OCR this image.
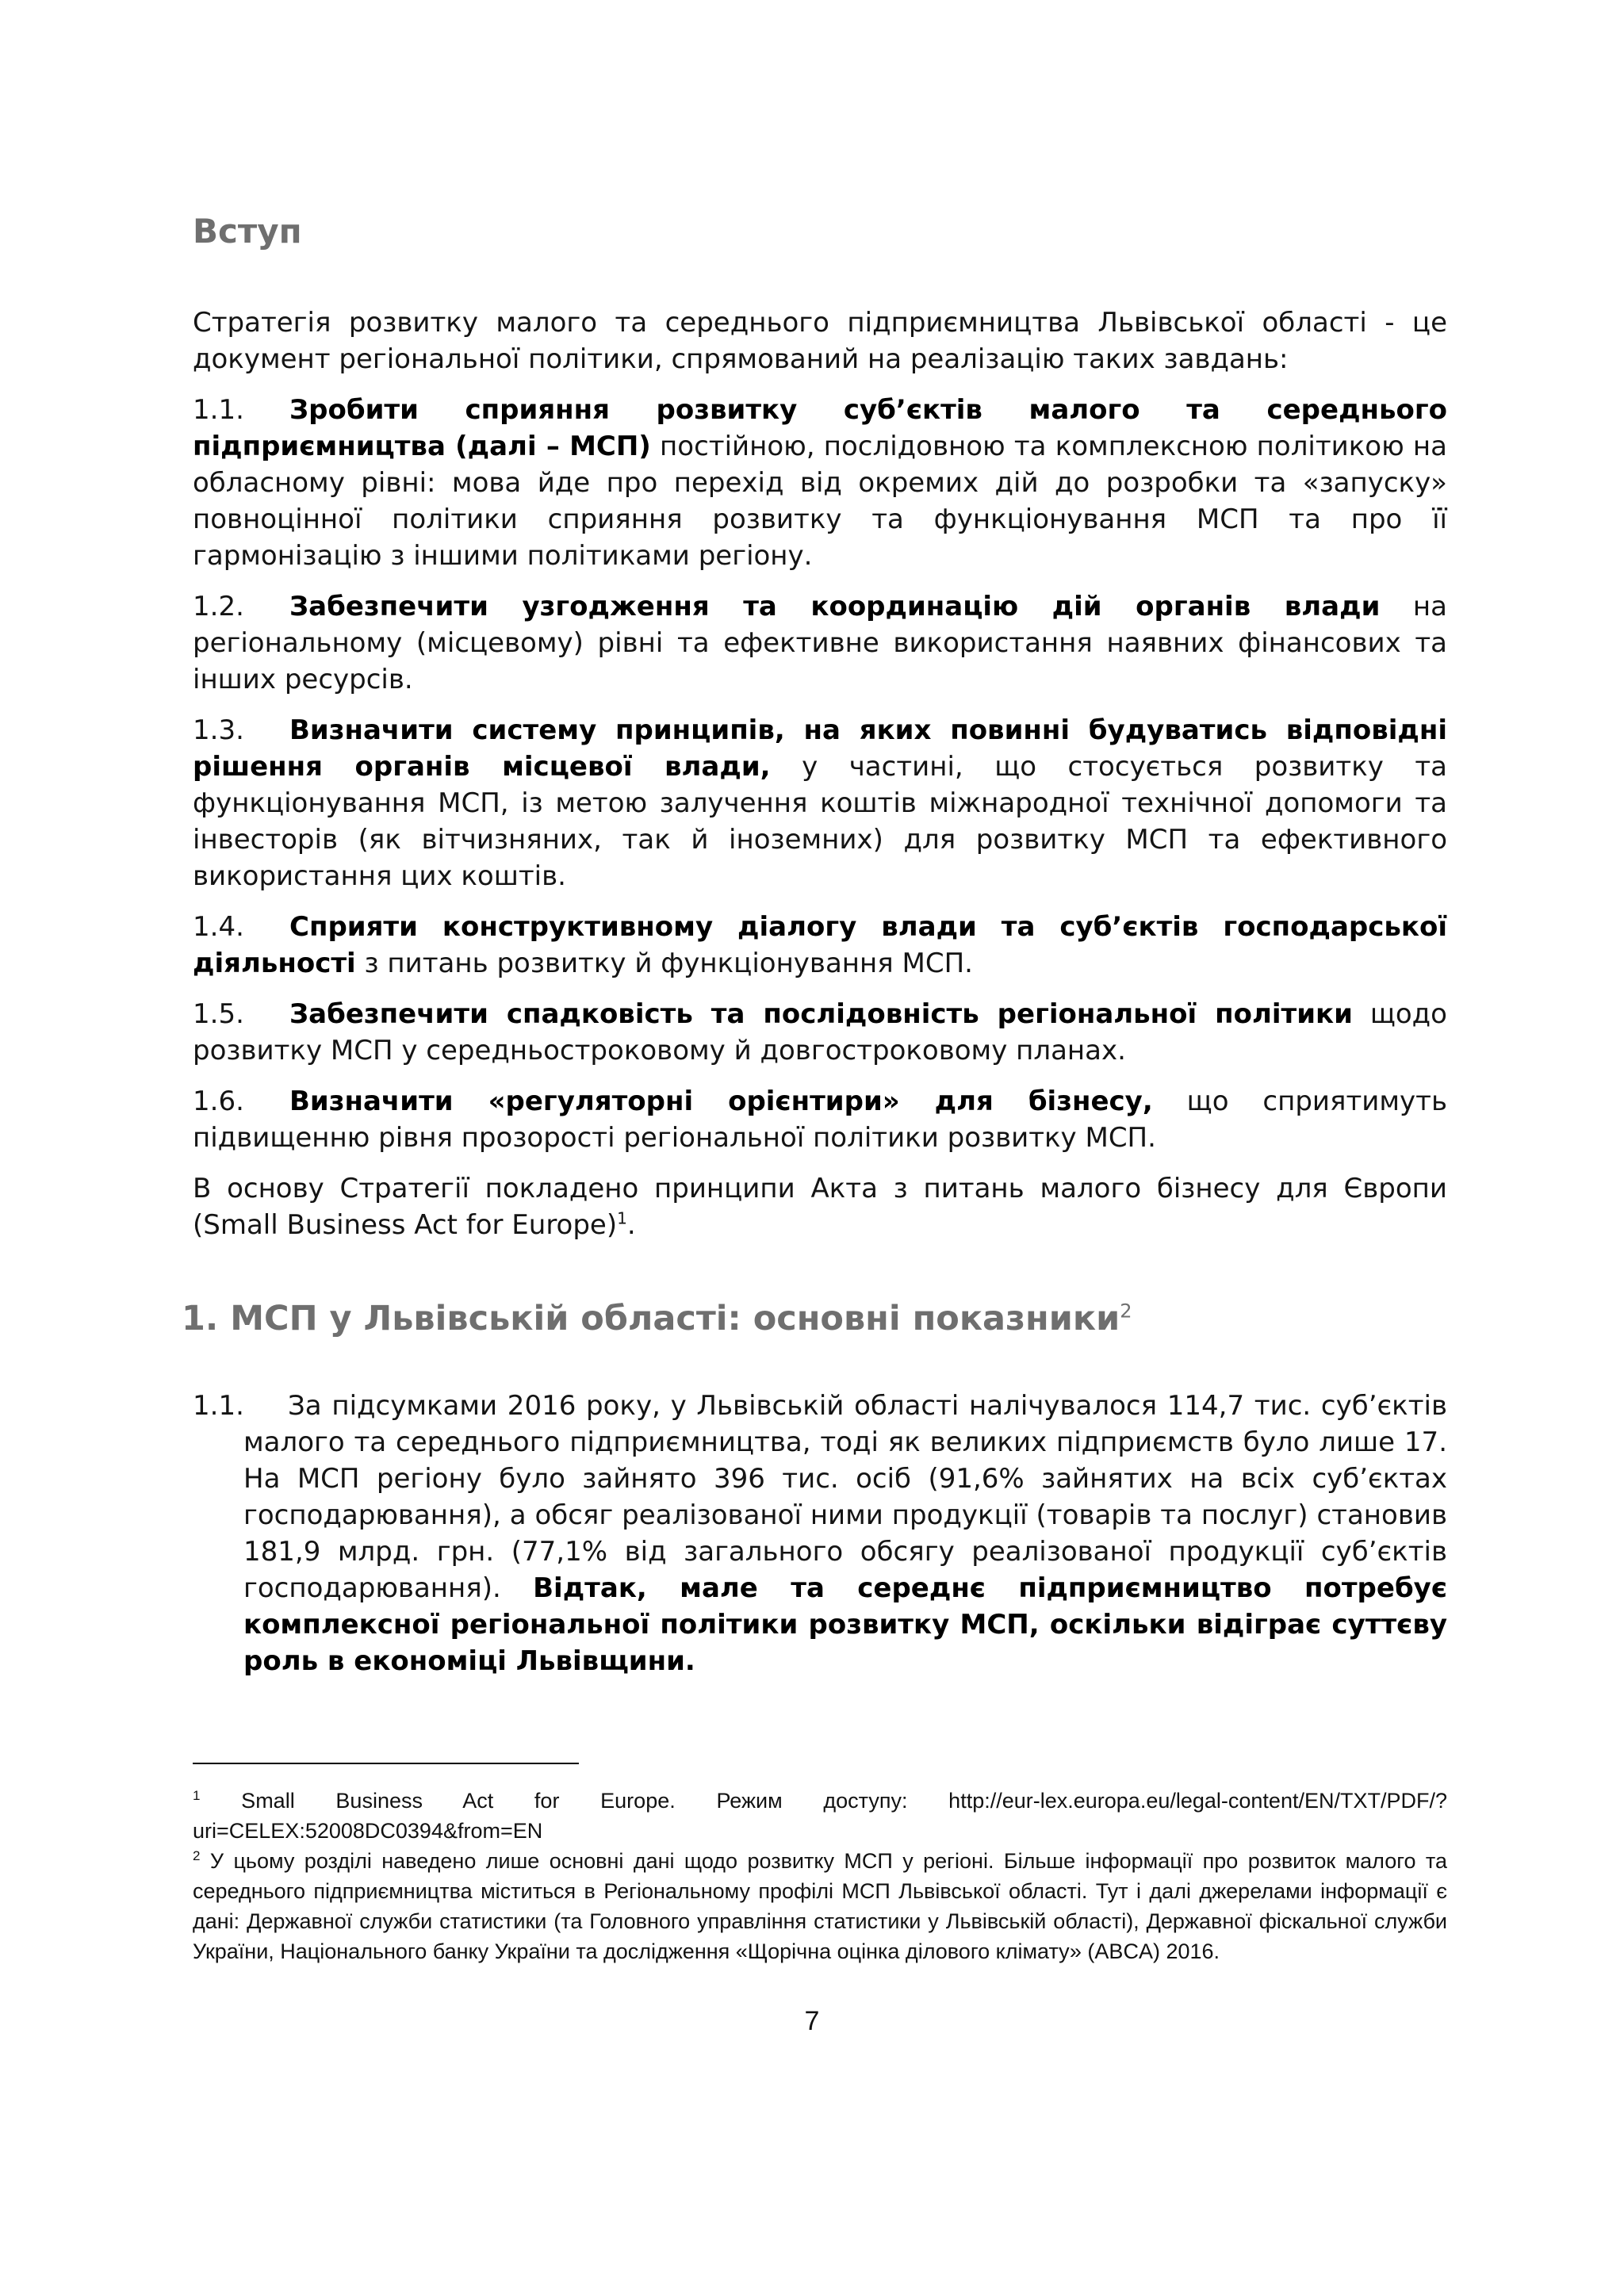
Вступ

Стратегія розвитку малого та середнього підприємництва Львівської області - це документ регіональної політики, спрямований на реалізацію таких завдань:

1.1. Зробити сприяння розвитку суб’єктів малого та середнього підприємництва (далі – МСП) постійною, послідовною та комплексною політикою на обласному рівні: мова йде про перехід від окремих дій до розробки та «запуску» повноцінної політики сприяння розвитку та функціонування МСП та про її гармонізацію з іншими політиками регіону.

1.2. Забезпечити узгодження та координацію дій органів влади на регіональному (місцевому) рівні та ефективне використання наявних фінансових та інших ресурсів.

1.3. Визначити систему принципів, на яких повинні будуватись відповідні рішення органів місцевої влади, у частині, що стосується розвитку та функціонування МСП, із метою залучення коштів міжнародної технічної допомоги та інвесторів (як вітчизняних, так й іноземних) для розвитку МСП та ефективного використання цих коштів.

1.4. Сприяти конструктивному діалогу влади та суб’єктів господарської діяльності з питань розвитку й функціонування МСП.

1.5. Забезпечити спадковість та послідовність регіональної політики щодо розвитку МСП у середньостроковому й довгостроковому планах.

1.6. Визначити «регуляторні орієнтири» для бізнесу, що сприятимуть підвищенню рівня прозорості регіональної політики розвитку МСП.

В основу Стратегії покладено принципи Акта з питань малого бізнесу для Європи (Small Business Act for Europe)$^1$.

1. МСП у Львівській області: основні показники$^2$

1.1. За підсумками 2016 року, у Львівській області налічувалося 114,7 тис. суб’єктів малого та середнього підприємництва, тоді як великих підприємств було лише 17. На МСП регіону було зайнято 396 тис. осіб (91,6% зайнятих на всіх суб’єктах господарювання), а обсяг реалізованої ними продукції (товарів та послуг) становив 181,9 млрд. грн. (77,1% від загального обсягу реалізованої продукції суб’єктів господарювання). Відтак, мале та середнє підприємництво потребує комплексної регіональної політики розвитку МСП, оскільки відіграє суттєву роль в економіці Львівщини.

$^1$ Small Business Act for Europe. Режим доступу: http://eur-lex.europa.eu/legal-content/EN/TXT/PDF/?uri=CELEX:52008DC0394&from=EN

$^2$ У цьому розділі наведено лише основні дані щодо розвитку МСП у регіоні. Більше інформації про розвиток малого та середнього підприємництва міститься в Регіональному профілі МСП Львівської області. Тут і далі джерелами інформації є дані: Державної служби статистики (та Головного управління статистики у Львівській області), Державної фіскальної служби України, Національного банку України та дослідження «Щорічна оцінка ділового клімату» (ABCA) 2016.

7
